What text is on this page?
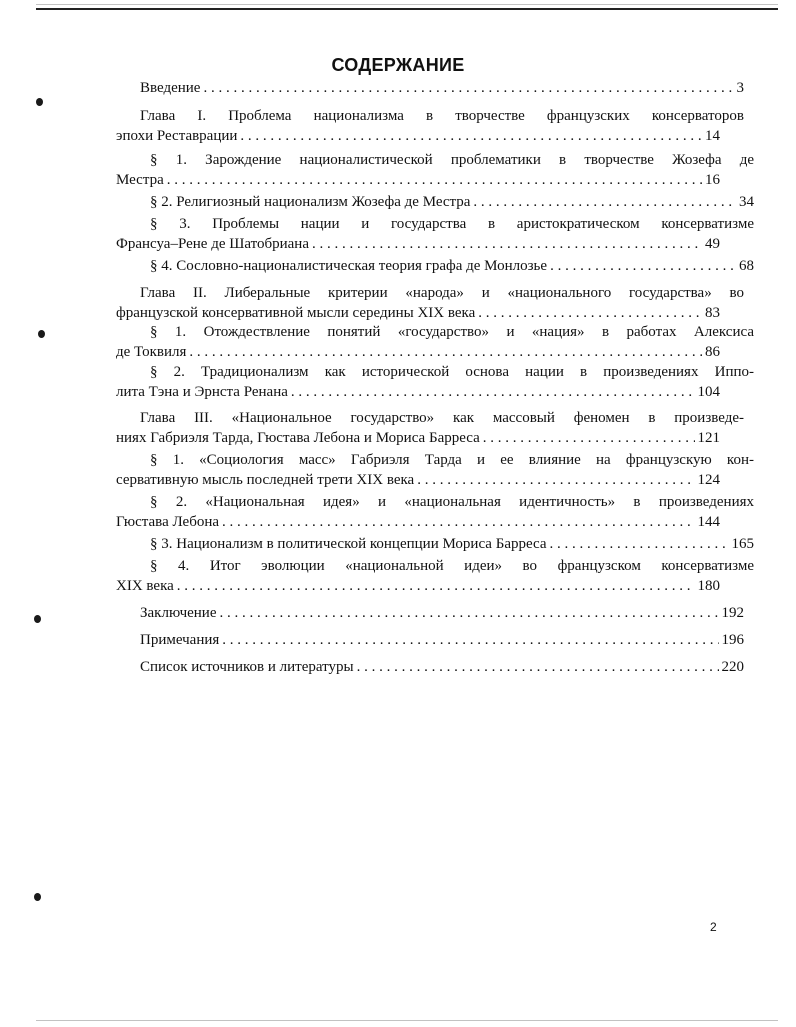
СОДЕРЖАНИЕ
Введение . . .	3
Глава I. Проблема национализма в творчестве французских консерваторов
эпохи Реставрации . . .	14
§ 1. Зарождение националистической проблематики в творчестве Жозефа де
Местра . . .	16
§ 2. Религиозный национализм Жозефа де Местра . . .	34
§ 3. Проблемы нации и государства в аристократическом консерватизме
Франсуа–Рене де Шатобриана . . .	49
§ 4. Сословно-националистическая теория графа де Монлозье . . .	68
Глава II. Либеральные критерии «народа» и «национального государства» во
французской консервативной мысли середины XIX века . . .	83
§ 1. Отождествление понятий «государство» и «нация» в работах Алексиса
де Токвиля . . .	86
§ 2. Традиционализм как исторической основа нации в произведениях Иппо-
лита Тэна и Эрнста Ренана . . .	104
Глава III. «Национальное государство» как массовый феномен в произведе-
ниях Габриэля Тарда, Гюстава Лебона и Мориса Барреса . . .	121
§ 1. «Социология масс» Габриэля Тарда и ее влияние на французскую кон-
сервативную мысль последней трети XIX века . . .	124
§ 2. «Национальная идея» и «национальная идентичность» в произведениях
Гюстава Лебона . . .	144
§ 3. Национализм в политической концепции Мориса Барреса . . .	165
§ 4. Итог эволюции «национальной идеи» во французском консерватизме
XIX века . . .	180
Заключение . . .	192
Примечания . . .	196
Список источников и литературы . . .	220
2
